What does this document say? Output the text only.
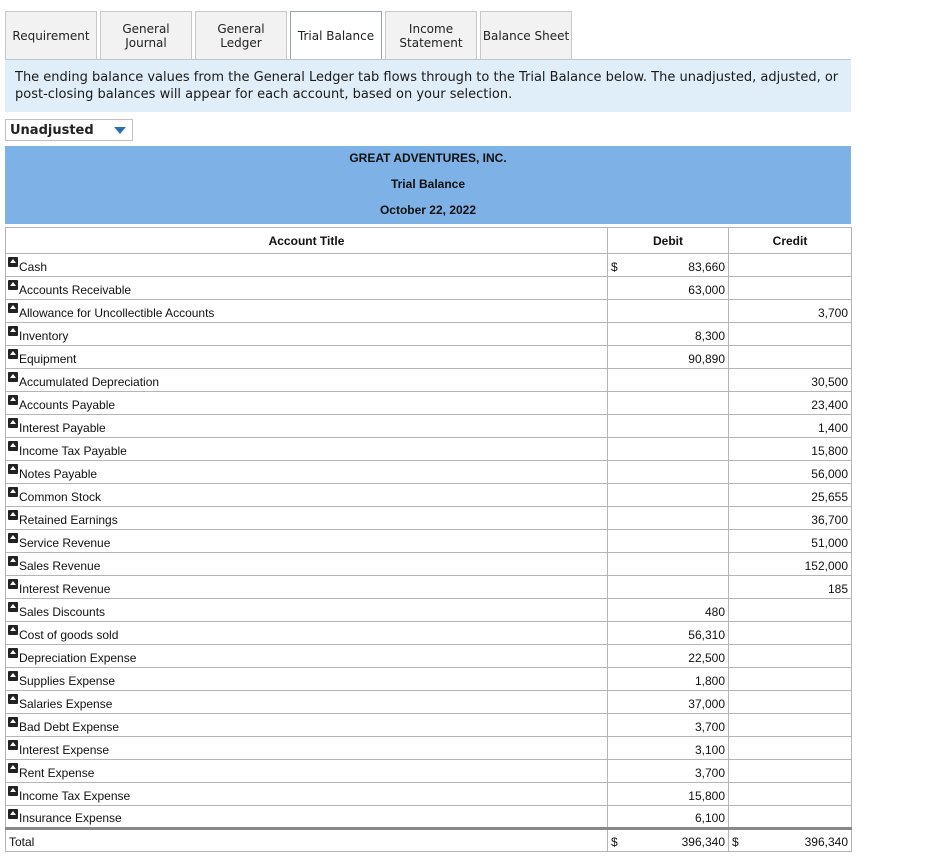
Requirement	General
Journal
General
Ledger	Trial Balance
Income
Statement	Balance Sheet
The ending balance values from the General Ledger tab flows through to the Trial Balance below. The unadjusted, adjusted, or post-closing balances will appear for each account, based on your selection.
Unadjusted
GREAT ADVENTURES, INC.
Trial Balance
October 22, 2022
Account Title	Debit	Credit

Cash	$ 83,660	

Accounts Receivable	63,000	

Allowance for Uncollectible Accounts		3,700

Inventory	8,300	

Equipment	90,890	

Accumulated Depreciation		30,500

Accounts Payable		23,400

Interest Payable		1,400

Income Tax Payable		15,800

Notes Payable		56,000

Common Stock		25,655

Retained Earnings		36,700

Service Revenue		51,000

Sales Revenue		152,000

Interest Revenue		185

Sales Discounts	480	

Cost of goods sold	56,310	

Depreciation Expense	22,500	

Supplies Expense	1,800	

Salaries Expense	37,000	

Bad Debt Expense	3,700	

Interest Expense	3,100	

Rent Expense	3,700	

Income Tax Expense	15,800	

Insurance Expense	6,100	

Total	$ 396,340	$ 396,340
